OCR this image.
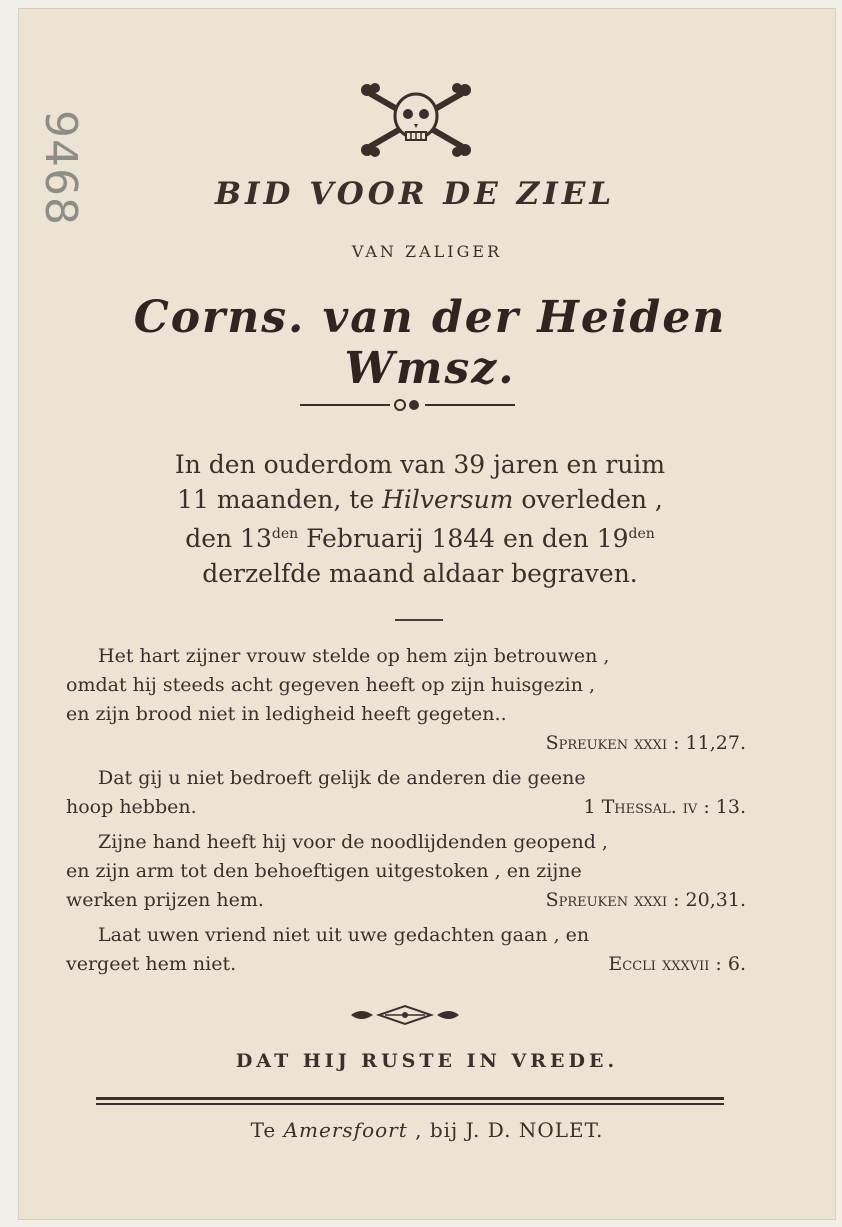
9468	BID VOOR DE ZIEL
VAN ZALIGER
Corns. van der Heiden Wmsz.
In den ouderdom van 39 jaren en ruim
11 maanden, te Hilversum overleden ,
den $13^{den}$ Februarij 1844 en den $19^{den}$
derzelfde maand aldaar begraven.
Het hart zijner vrouw stelde op hem zijn betrouwen ,
omdat hij steeds acht gegeven heeft op zijn huisgezin ,
en zijn brood niet in ledigheid heeft gegeten..
Spreuken xxxi : 11,27.
Dat gij u niet bedroeft gelijk de anderen die geene
hoop hebben.	1 Thessal. iv : 13.
Zijne hand heeft hij voor de noodlijdenden geopend ,
en zijn arm tot den behoeftigen uitgestoken , en zijne
werken prijzen hem.	Spreuken xxxi : 20,31.
Laat uwen vriend niet uit uwe gedachten gaan , en
vergeet hem niet.	Eccli xxxvii : 6.
DAT HIJ RUSTE IN VREDE.
Te Amersfoort , bij J. D. NOLET.
